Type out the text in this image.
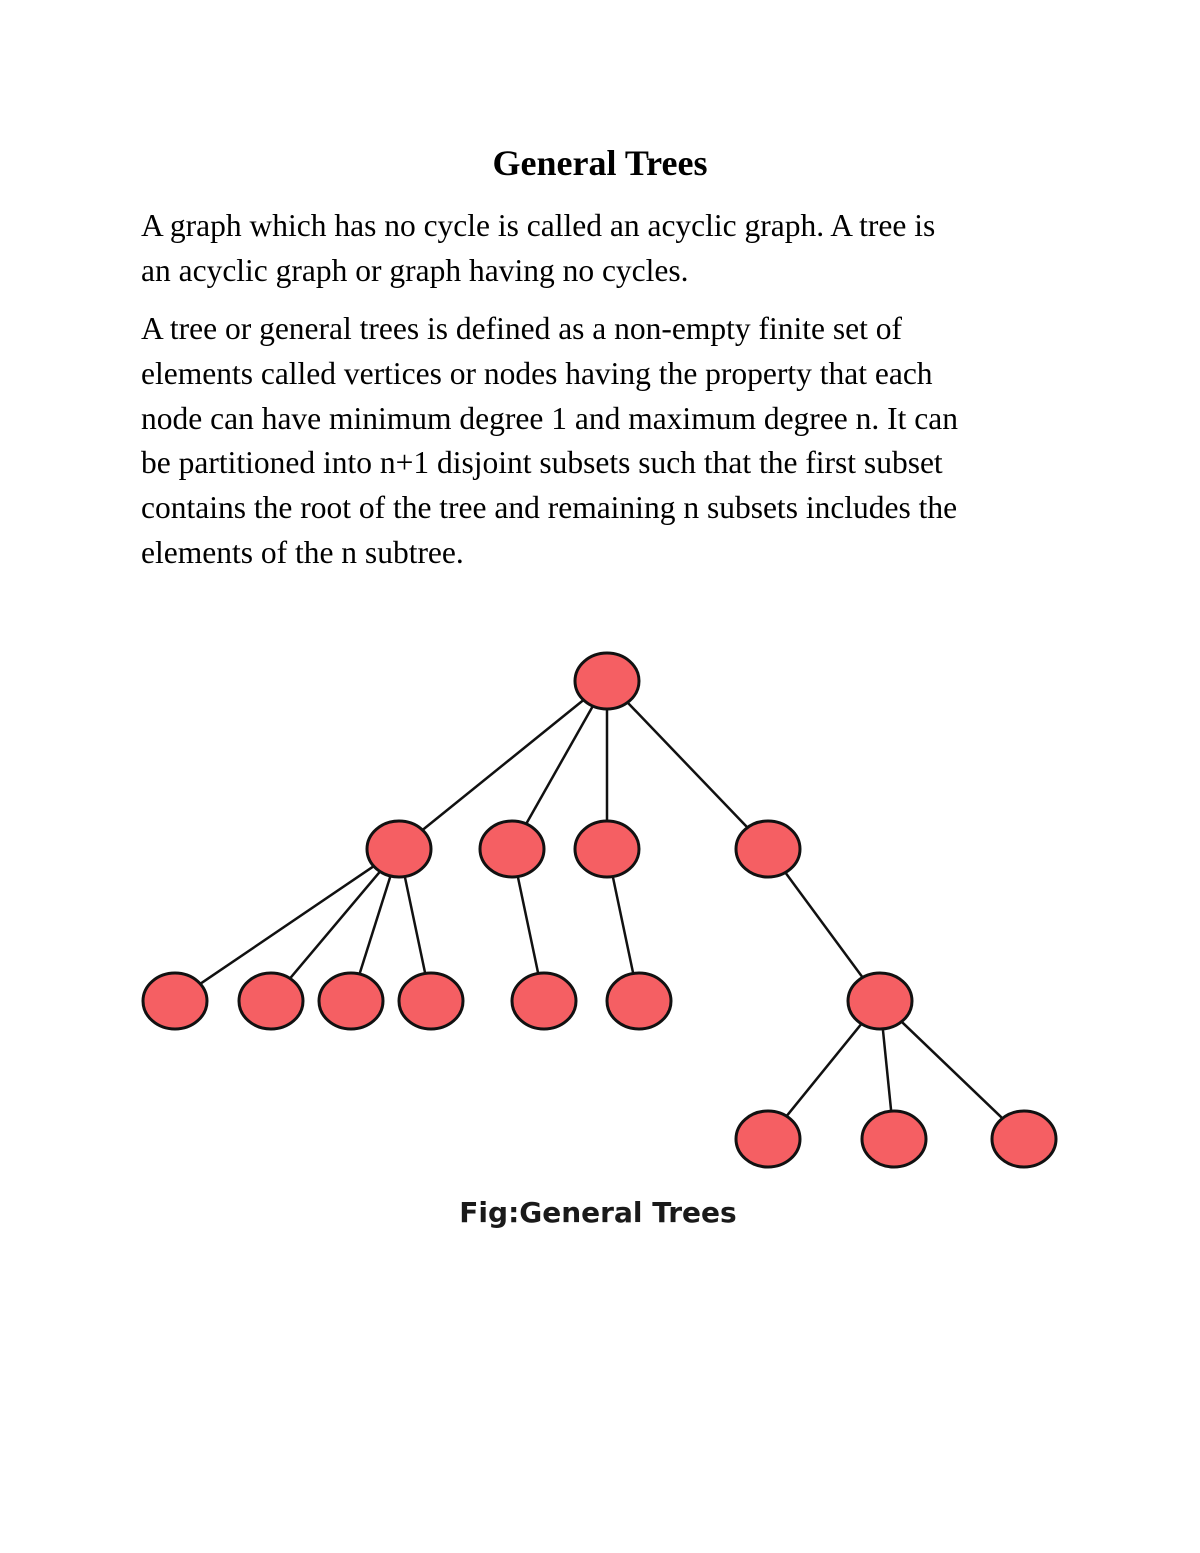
General Trees

A graph which has no cycle is called an acyclic graph. A tree is
an acyclic graph or graph having no cycles.

A tree or general trees is defined as a non-empty finite set of
elements called vertices or nodes having the property that each
node can have minimum degree 1 and maximum degree n. It can
be partitioned into n+1 disjoint subsets such that the first subset
contains the root of the tree and remaining n subsets includes the
elements of the n subtree.

Fig:General Trees
